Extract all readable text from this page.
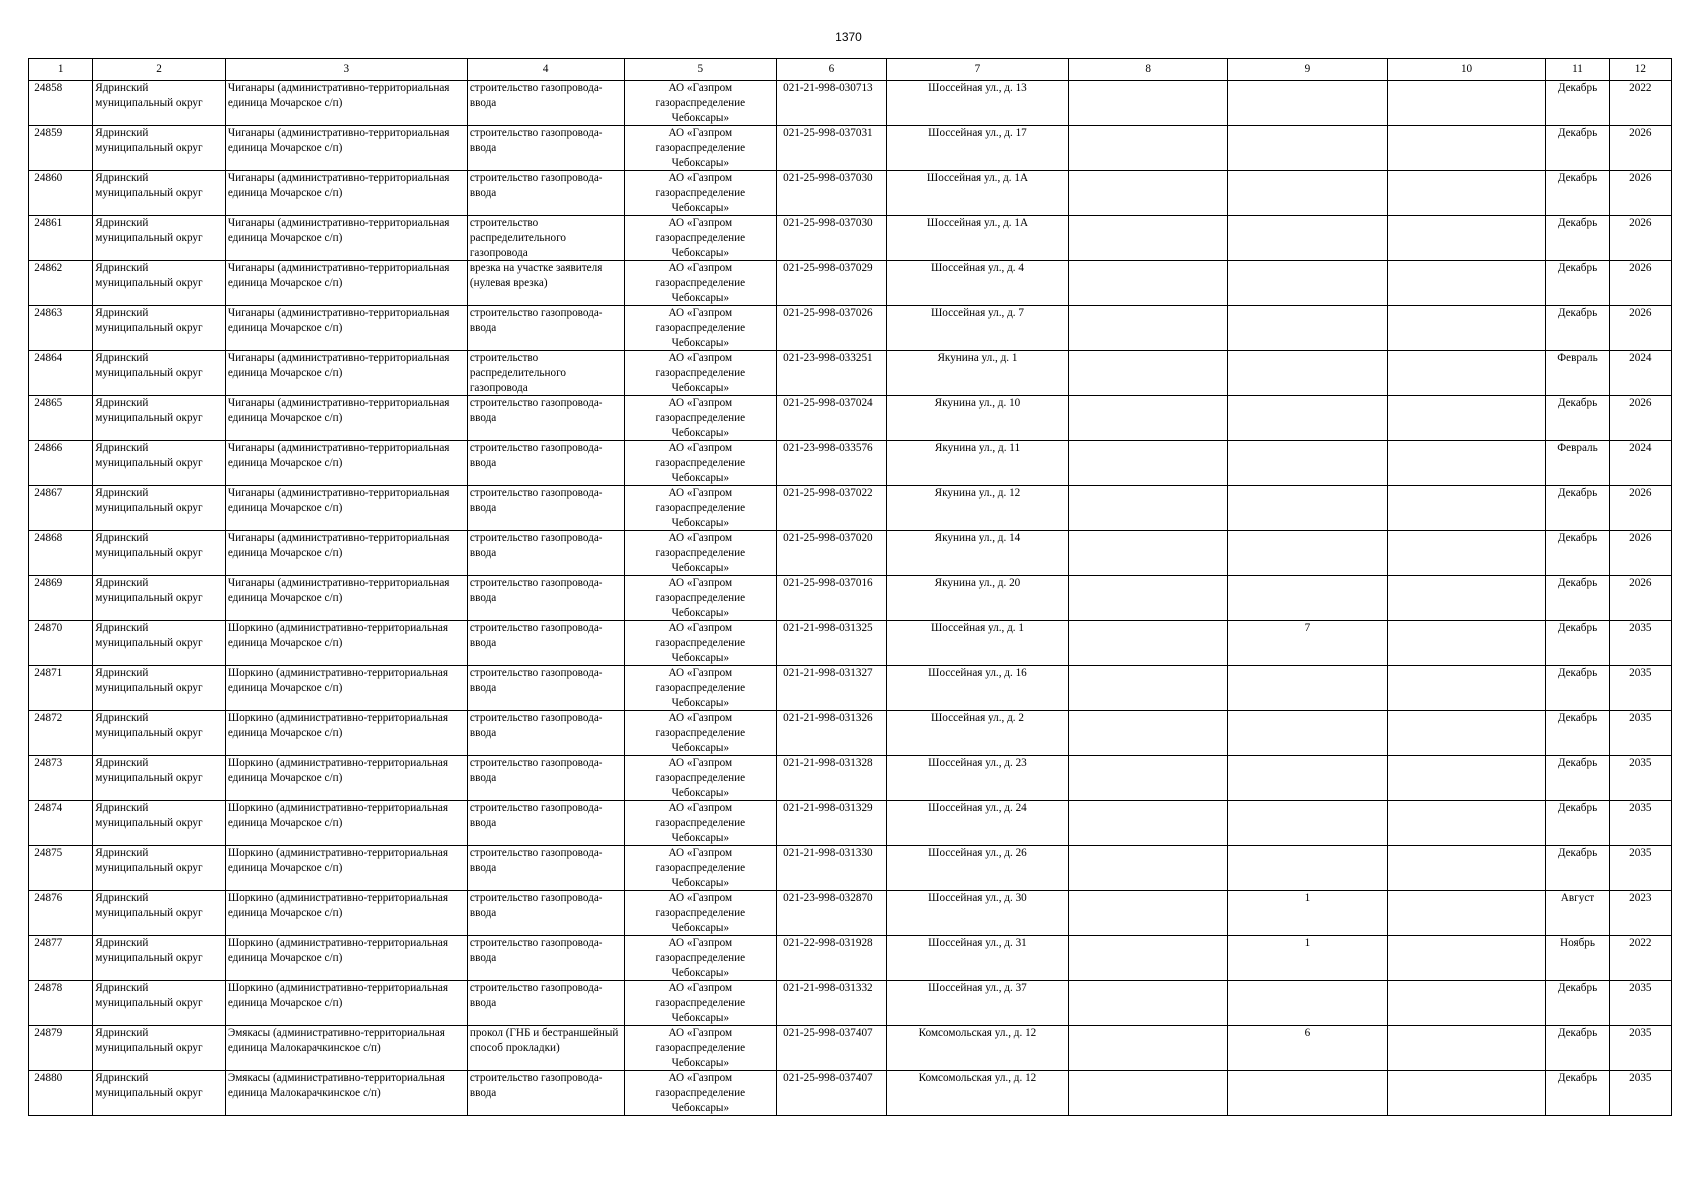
1370
1	2	3	4	5	6	7	8	9	10	11	12

24858	Ядринский муниципальный округ	Чиганары (административно-территориальная единица Мочарское с/п)	строительство газопровода-ввода	АО «Газпром газораспределение Чебоксары»	021-21-998-030713	Шоссейная ул., д. 13				Декабрь	2022

24859	Ядринский муниципальный округ	Чиганары (административно-территориальная единица Мочарское с/п)	строительство газопровода-ввода	АО «Газпром газораспределение Чебоксары»	021-25-998-037031	Шоссейная ул., д. 17				Декабрь	2026

24860	Ядринский муниципальный округ	Чиганары (административно-территориальная единица Мочарское с/п)	строительство газопровода-ввода	АО «Газпром газораспределение Чебоксары»	021-25-998-037030	Шоссейная ул., д. 1А				Декабрь	2026

24861	Ядринский муниципальный округ	Чиганары (административно-территориальная единица Мочарское с/п)	строительство распределительного газопровода	АО «Газпром газораспределение Чебоксары»	021-25-998-037030	Шоссейная ул., д. 1А				Декабрь	2026

24862	Ядринский муниципальный округ	Чиганары (административно-территориальная единица Мочарское с/п)	врезка на участке заявителя (нулевая врезка)	АО «Газпром газораспределение Чебоксары»	021-25-998-037029	Шоссейная ул., д. 4				Декабрь	2026

24863	Ядринский муниципальный округ	Чиганары (административно-территориальная единица Мочарское с/п)	строительство газопровода-ввода	АО «Газпром газораспределение Чебоксары»	021-25-998-037026	Шоссейная ул., д. 7				Декабрь	2026

24864	Ядринский муниципальный округ	Чиганары (административно-территориальная единица Мочарское с/п)	строительство распределительного газопровода	АО «Газпром газораспределение Чебоксары»	021-23-998-033251	Якунина ул., д. 1				Февраль	2024

24865	Ядринский муниципальный округ	Чиганары (административно-территориальная единица Мочарское с/п)	строительство газопровода-ввода	АО «Газпром газораспределение Чебоксары»	021-25-998-037024	Якунина ул., д. 10				Декабрь	2026

24866	Ядринский муниципальный округ	Чиганары (административно-территориальная единица Мочарское с/п)	строительство газопровода-ввода	АО «Газпром газораспределение Чебоксары»	021-23-998-033576	Якунина ул., д. 11				Февраль	2024

24867	Ядринский муниципальный округ	Чиганары (административно-территориальная единица Мочарское с/п)	строительство газопровода-ввода	АО «Газпром газораспределение Чебоксары»	021-25-998-037022	Якунина ул., д. 12				Декабрь	2026

24868	Ядринский муниципальный округ	Чиганары (административно-территориальная единица Мочарское с/п)	строительство газопровода-ввода	АО «Газпром газораспределение Чебоксары»	021-25-998-037020	Якунина ул., д. 14				Декабрь	2026

24869	Ядринский муниципальный округ	Чиганары (административно-территориальная единица Мочарское с/п)	строительство газопровода-ввода	АО «Газпром газораспределение Чебоксары»	021-25-998-037016	Якунина ул., д. 20				Декабрь	2026

24870	Ядринский муниципальный округ	Шоркино (административно-территориальная единица Мочарское с/п)	строительство газопровода-ввода	АО «Газпром газораспределение Чебоксары»	021-21-998-031325	Шоссейная ул., д. 1		7		Декабрь	2035

24871	Ядринский муниципальный округ	Шоркино (административно-территориальная единица Мочарское с/п)	строительство газопровода-ввода	АО «Газпром газораспределение Чебоксары»	021-21-998-031327	Шоссейная ул., д. 16				Декабрь	2035

24872	Ядринский муниципальный округ	Шоркино (административно-территориальная единица Мочарское с/п)	строительство газопровода-ввода	АО «Газпром газораспределение Чебоксары»	021-21-998-031326	Шоссейная ул., д. 2				Декабрь	2035

24873	Ядринский муниципальный округ	Шоркино (административно-территориальная единица Мочарское с/п)	строительство газопровода-ввода	АО «Газпром газораспределение Чебоксары»	021-21-998-031328	Шоссейная ул., д. 23				Декабрь	2035

24874	Ядринский муниципальный округ	Шоркино (административно-территориальная единица Мочарское с/п)	строительство газопровода-ввода	АО «Газпром газораспределение Чебоксары»	021-21-998-031329	Шоссейная ул., д. 24				Декабрь	2035

24875	Ядринский муниципальный округ	Шоркино (административно-территориальная единица Мочарское с/п)	строительство газопровода-ввода	АО «Газпром газораспределение Чебоксары»	021-21-998-031330	Шоссейная ул., д. 26				Декабрь	2035

24876	Ядринский муниципальный округ	Шоркино (административно-территориальная единица Мочарское с/п)	строительство газопровода-ввода	АО «Газпром газораспределение Чебоксары»	021-23-998-032870	Шоссейная ул., д. 30		1		Август	2023

24877	Ядринский муниципальный округ	Шоркино (административно-территориальная единица Мочарское с/п)	строительство газопровода-ввода	АО «Газпром газораспределение Чебоксары»	021-22-998-031928	Шоссейная ул., д. 31		1		Ноябрь	2022

24878	Ядринский муниципальный округ	Шоркино (административно-территориальная единица Мочарское с/п)	строительство газопровода-ввода	АО «Газпром газораспределение Чебоксары»	021-21-998-031332	Шоссейная ул., д. 37				Декабрь	2035

24879	Ядринский муниципальный округ	Эмякасы (административно-территориальная единица Малокарачкинское с/п)	прокол (ГНБ и бестраншейный способ прокладки)	АО «Газпром газораспределение Чебоксары»	021-25-998-037407	Комсомольская ул., д. 12		6		Декабрь	2035

24880	Ядринский муниципальный округ	Эмякасы (административно-территориальная единица Малокарачкинское с/п)	строительство газопровода-ввода	АО «Газпром газораспределение Чебоксары»	021-25-998-037407	Комсомольская ул., д. 12				Декабрь	2035
